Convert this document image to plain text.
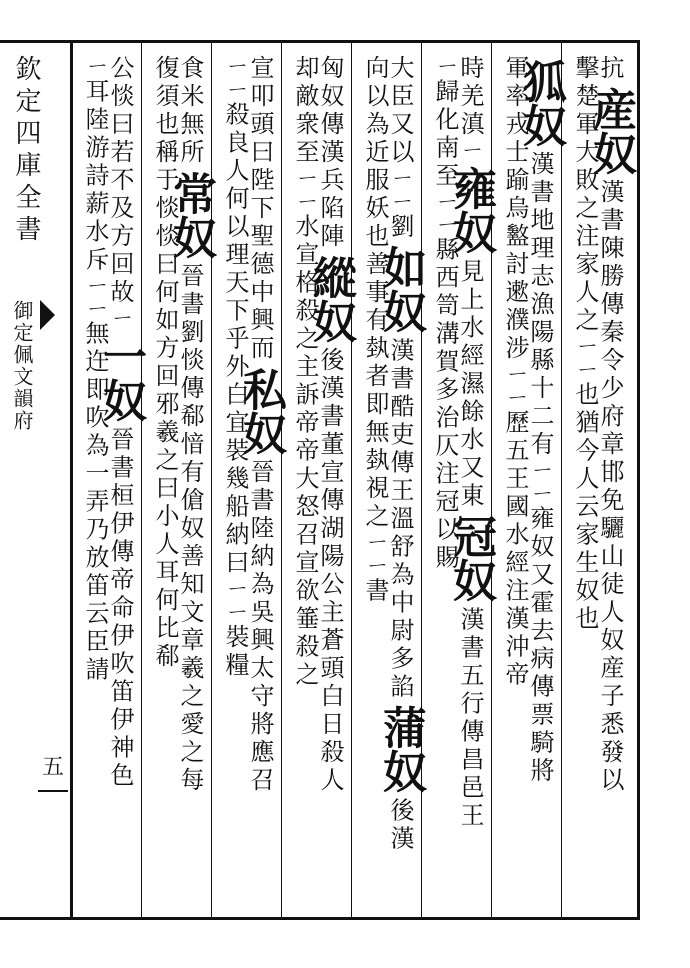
欽定四庫全書
御定佩文韻府
五
抗産奴漢書陳勝傳秦令少府章邯免驪山徒人奴産子悉發以
擊楚軍大敗之注家人之ㄧㄧ也猶今人云家生奴也
狐奴漢書地理志漁陽縣十二有ㄧㄧ雍奴又霍去病傳票騎將
軍率戎士踰烏盭討遬濮涉ㄧㄧ歷五王國水經注漢沖帝
時羌滇ㄧ雍奴見上水經濕餘水又東冠奴漢書五行傳昌邑王
ㄧ歸化南至ㄧㄧ縣西笥溝賀多治仄注冠以賜
大臣又以ㄧㄧ劉如奴漢書酷吏傳王溫舒為中尉多諂蒲奴後漢
向以為近服妖也善事有埶者即無埶視之ㄧㄧ書
匈奴傳漢兵陷陣縱奴後漢書董宣傳湖陽公主蒼頭白日殺人
却敵衆至ㄧㄧ水宣格殺之主訴帝帝大怒召宣欲箠殺之
宣叩頭曰陛下聖德中興而私奴晉書陸納為吳興太守將應召
ㄧㄧ殺良人何以理天下乎外白宜裝幾船納曰ㄧㄧ裝糧
食米無所常奴晉書劉惔傳郗愔有傖奴善知文章羲之愛之每
復須也稱于惔惔曰何如方回邪羲之曰小人耳何比郗
公惔曰若不及方回故ㄧ一奴晉書桓伊傳帝命伊吹笛伊神色
ㄧ耳陸游詩薪水斥ㄧㄧ無迕即吹為一弄乃放笛云臣請
